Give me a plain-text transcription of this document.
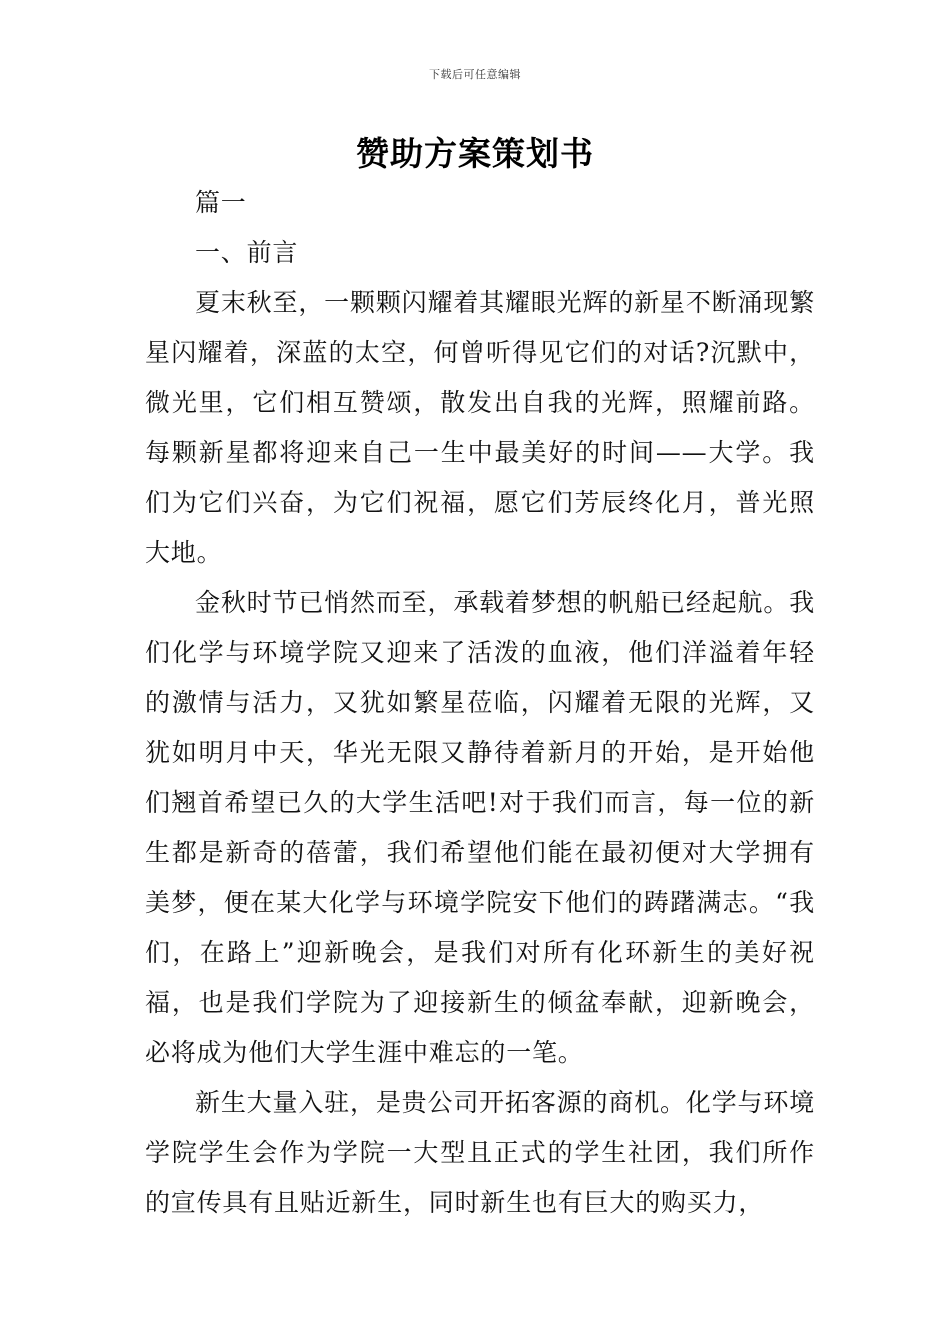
下载后可任意编辑
赞助方案策划书

篇一

一、前言

夏末秋至，一颗颗闪耀着其耀眼光辉的新星不断涌现繁星闪耀着，深蓝的太空，何曾听得见它们的对话?沉默中，微光里，它们相互赞颂，散发出自我的光辉，照耀前路。每颗新星都将迎来自己一生中最美好的时间——大学。我们为它们兴奋，为它们祝福，愿它们芳辰终化月，普光照大地。

金秋时节已悄然而至，承载着梦想的帆船已经起航。我们化学与环境学院又迎来了活泼的血液，他们洋溢着年轻的激情与活力，又犹如繁星莅临，闪耀着无限的光辉，又犹如明月中天，华光无限又静待着新月的开始，是开始他们翘首希望已久的大学生活吧!对于我们而言，每一位的新生都是新奇的蓓蕾，我们希望他们能在最初便对大学拥有美梦，便在某大化学与环境学院安下他们的踌躇满志。“我们，在路上”迎新晚会，是我们对所有化环新生的美好祝福，也是我们学院为了迎接新生的倾盆奉献，迎新晚会，必将成为他们大学生涯中难忘的一笔。

新生大量入驻，是贵公司开拓客源的商机。化学与环境学院学生会作为学院一大型且正式的学生社团，我们所作的宣传具有且贴近新生，同时新生也有巨大的购买力，
